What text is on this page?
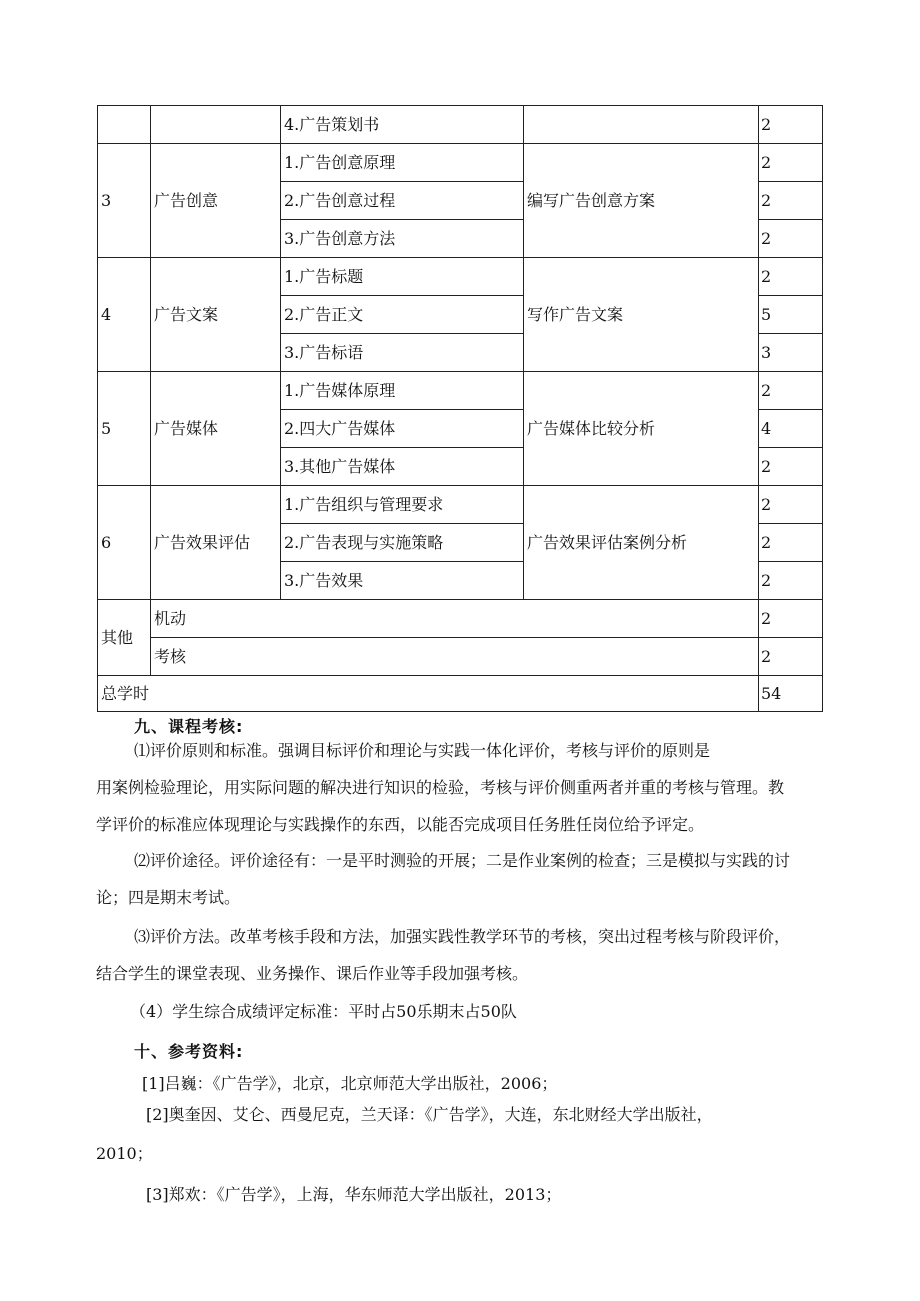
		4.广告策划书		2
3	广告创意	1.广告创意原理	编写广告创意方案	2
		2.广告创意过程		2
		3.广告创意方法		2
4	广告文案	1.广告标题	写作广告文案	2
		2.广告正文		5
		3.广告标语		3
5	广告媒体	1.广告媒体原理	广告媒体比较分析	2
		2.四大广告媒体		4
		3.其他广告媒体		2
6	广告效果评估	1.广告组织与管理要求	广告效果评估案例分析	2
		2.广告表现与实施策略		2
		3.广告效果		2
其他	机动			2
	考核			2
总学时				54
九、课程考核:
⑴评价原则和标准。强调目标评价和理论与实践一体化评价，考核与评价的原则是
用案例检验理论，用实际问题的解决进行知识的检验，考核与评价侧重两者并重的考核与管理。教
学评价的标准应体现理论与实践操作的东西，以能否完成项目任务胜任岗位给予评定。
⑵评价途径。评价途径有：一是平时测验的开展；二是作业案例的检查；三是模拟与实践的讨
论；四是期末考试。
⑶评价方法。改革考核手段和方法，加强实践性教学环节的考核，突出过程考核与阶段评价，
结合学生的课堂表现、业务操作、课后作业等手段加强考核。
（4）学生综合成绩评定标准：平时占50乐期末占50队
十、参考资料:
[1]吕巍：《广告学》，北京，北京师范大学出版社，2006；
[2]奥奎因、艾仑、西曼尼克，兰天译：《广告学》，大连，东北财经大学出版社，
2010；
[3]郑欢：《广告学》，上海，华东师范大学出版社，2013；
